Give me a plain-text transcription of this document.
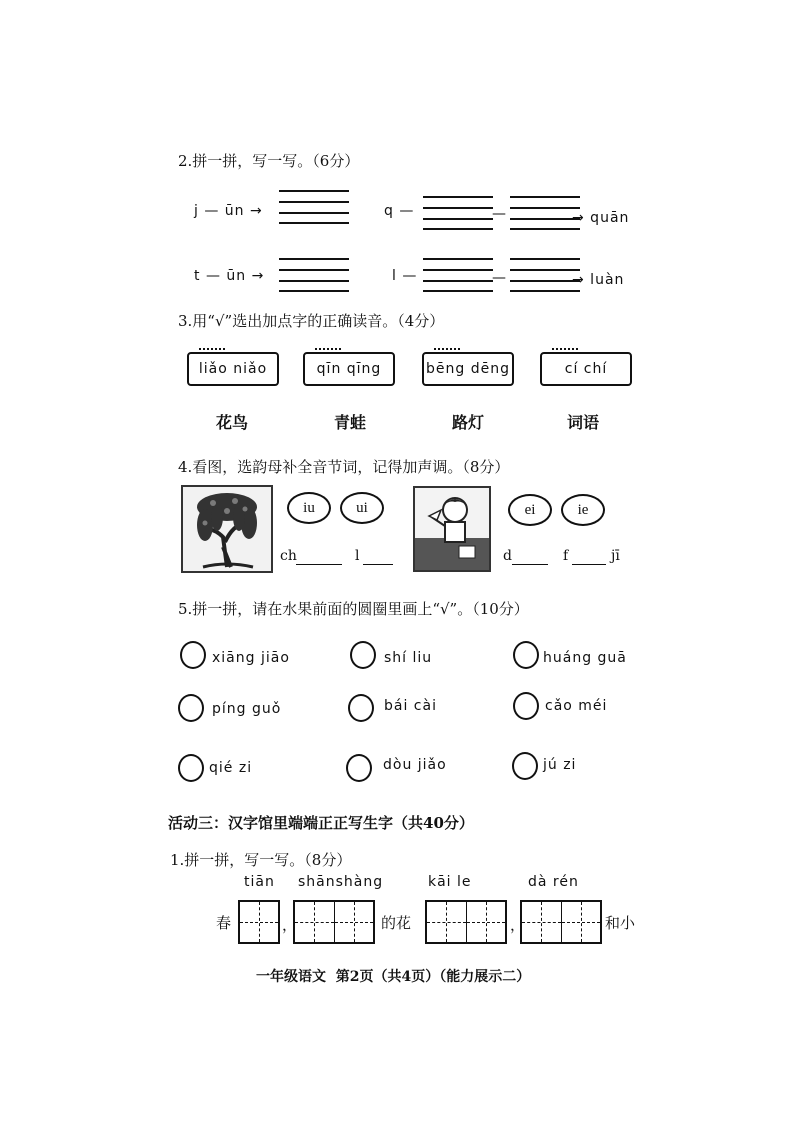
2.拼一拼，写一写。（6分）
j — ūn →	q —	—	→ quān
t — ūn →	l —	—	→ luàn
3.用“√”选出加点字的正确读音。（4分）
liǎo niǎo	qīn qīng	bēng dēng	cí chí
花鸟	青蛙	路灯	词语
4.看图，选韵母补全音节词，记得加声调。（8分）
iu	ui
ch	l
ei	ie
d	f	jī
5.拼一拼，请在水果前面的圆圈里画上“√”。（10分）
xiāng jiāo	shí liu	huáng guā
píng guǒ	bái cài	cǎo méi
qié zi	dòu jiǎo	jú zi
活动三：汉字馆里端端正正写生字（共40分）
1.拼一拼，写一写。（8分）
tiān shānshàng	kāi le	dà rén
春	，	的花	，	和小
一年级语文  第2页（共4页）（能力展示二）
